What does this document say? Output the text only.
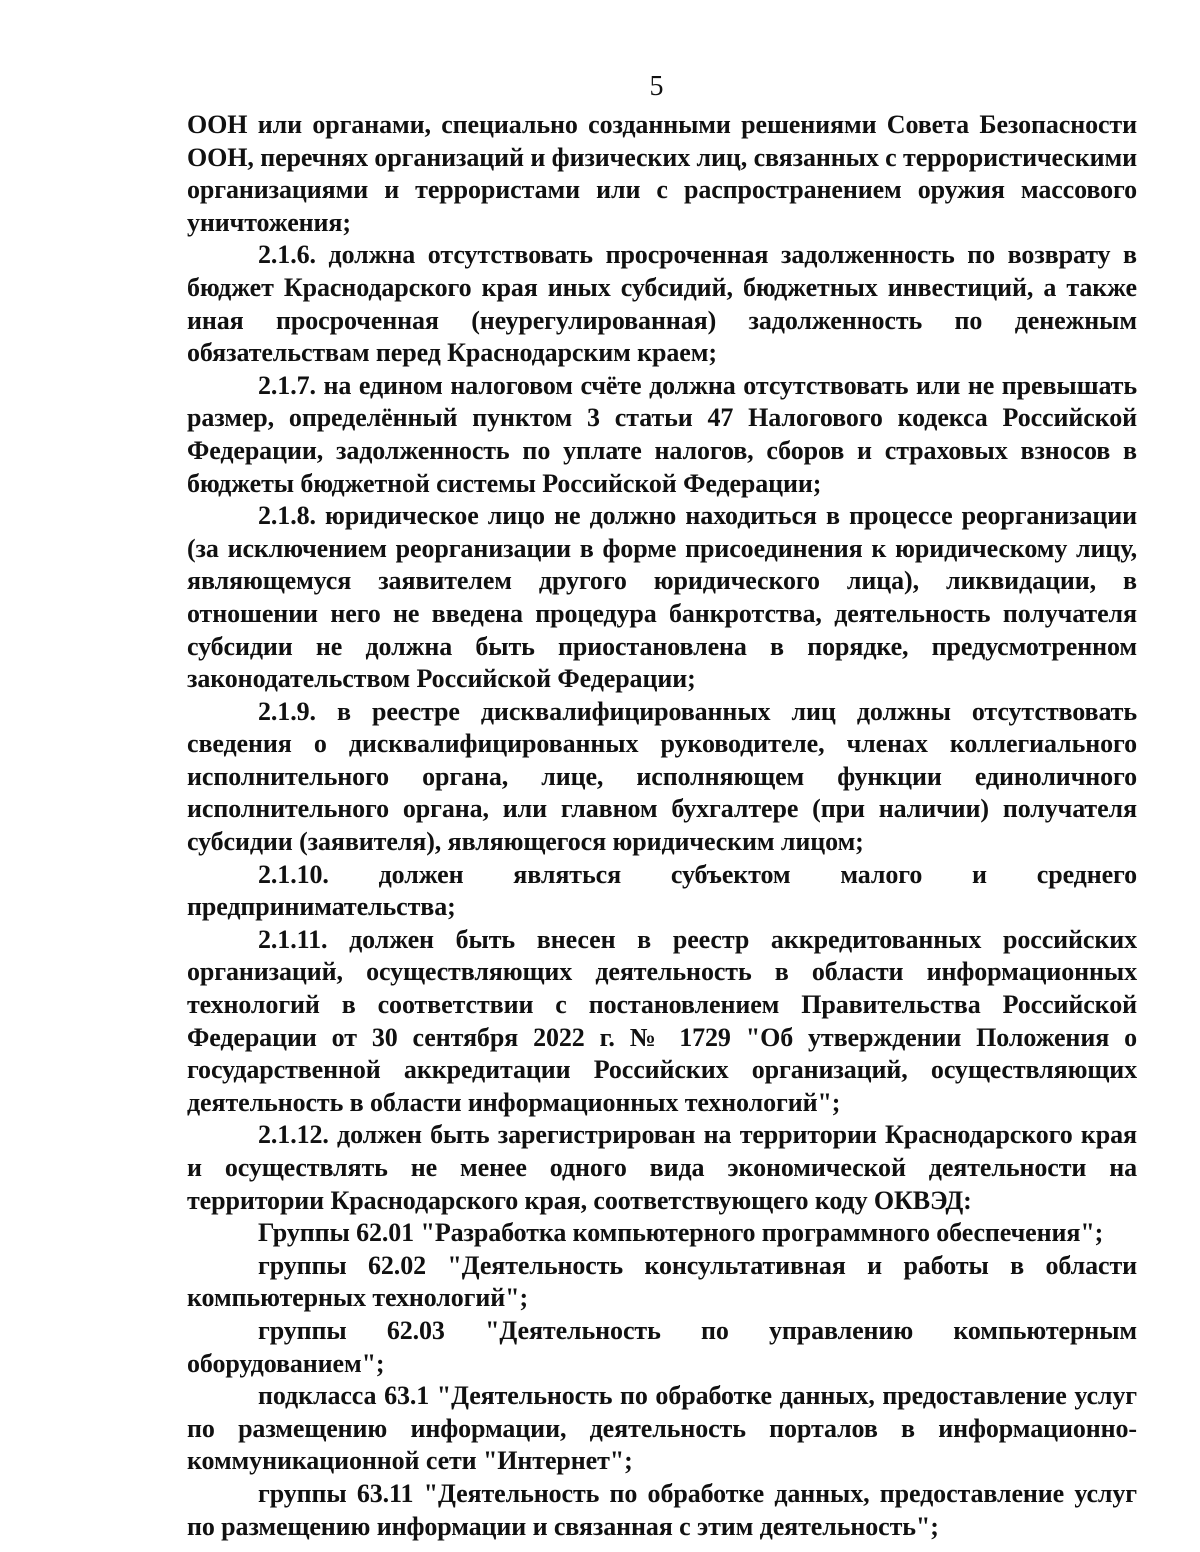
5

ООН или органами, специально созданными решениями Совета Безопасности ООН, перечнях организаций и физических лиц, связанных с террористическими организациями и террористами или с распространением оружия массового уничтожения;

2.1.6. должна отсутствовать просроченная задолженность по возврату в бюджет Краснодарского края иных субсидий, бюджетных инвестиций, а также иная просроченная (неурегулированная) задолженность по денежным обязательствам перед Краснодарским краем;

2.1.7. на едином налоговом счёте должна отсутствовать или не превышать размер, определённый пунктом 3 статьи 47 Налогового кодекса Российской Федерации, задолженность по уплате налогов, сборов и страховых взносов в бюджеты бюджетной системы Российской Федерации;

2.1.8. юридическое лицо не должно находиться в процессе реорганизации (за исключением реорганизации в форме присоединения к юридическому лицу, являющемуся заявителем другого юридического лица), ликвидации, в отношении него не введена процедура банкротства, деятельность получателя субсидии не должна быть приостановлена в порядке, предусмотренном законодательством Российской Федерации;

2.1.9. в реестре дисквалифицированных лиц должны отсутствовать сведения о дисквалифицированных руководителе, членах коллегиального исполнительного органа, лице, исполняющем функции единоличного исполнительного органа, или главном бухгалтере (при наличии) получателя субсидии (заявителя), являющегося юридическим лицом;

2.1.10. должен являться субъектом малого и среднего предпринимательства;

2.1.11. должен быть внесен в реестр аккредитованных российских организаций, осуществляющих деятельность в области информационных технологий в соответствии с постановлением Правительства Российской Федерации от 30 сентября 2022 г. № 1729 "Об утверждении Положения о государственной аккредитации Российских организаций, осуществляющих деятельность в области информационных технологий";

2.1.12. должен быть зарегистрирован на территории Краснодарского края и осуществлять не менее одного вида экономической деятельности на территории Краснодарского края, соответствующего коду ОКВЭД:

Группы 62.01 "Разработка компьютерного программного обеспечения";

группы 62.02 "Деятельность консультативная и работы в области компьютерных технологий";

группы 62.03 "Деятельность по управлению компьютерным оборудованием";

подкласса 63.1 "Деятельность по обработке данных, предоставление услуг по размещению информации, деятельность порталов в информационно-коммуникационной сети "Интернет";

группы 63.11 "Деятельность по обработке данных, предоставление услуг по размещению информации и связанная с этим деятельность";
